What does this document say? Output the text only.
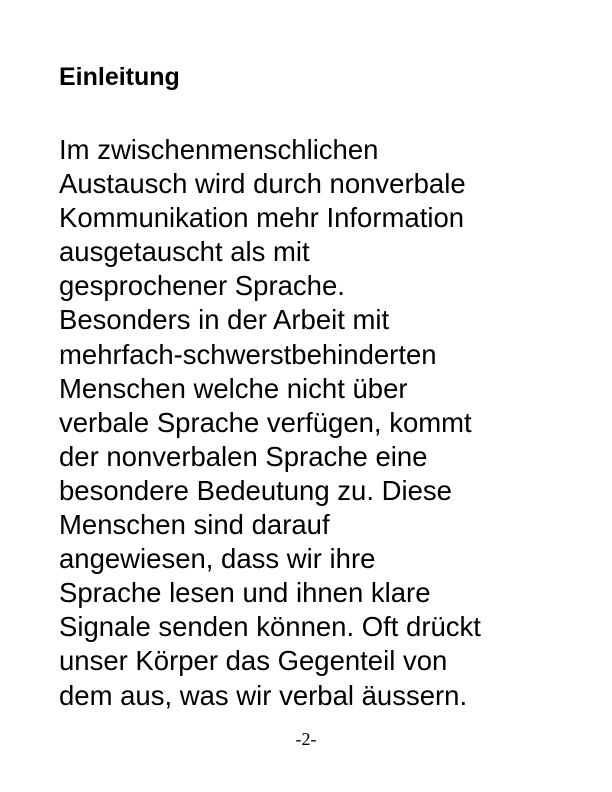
Einleitung
Im zwischenmenschlichen
Austausch wird durch nonverbale
Kommunikation mehr Information
ausgetauscht als mit
gesprochener Sprache.
Besonders in der Arbeit mit
mehrfach-schwerstbehinderten
Menschen welche nicht über
verbale Sprache verfügen, kommt
der nonverbalen Sprache eine
besondere Bedeutung zu. Diese
Menschen sind darauf
angewiesen, dass wir ihre
Sprache lesen und ihnen klare
Signale senden können. Oft drückt
unser Körper das Gegenteil von
dem aus, was wir verbal äussern.
-2-
